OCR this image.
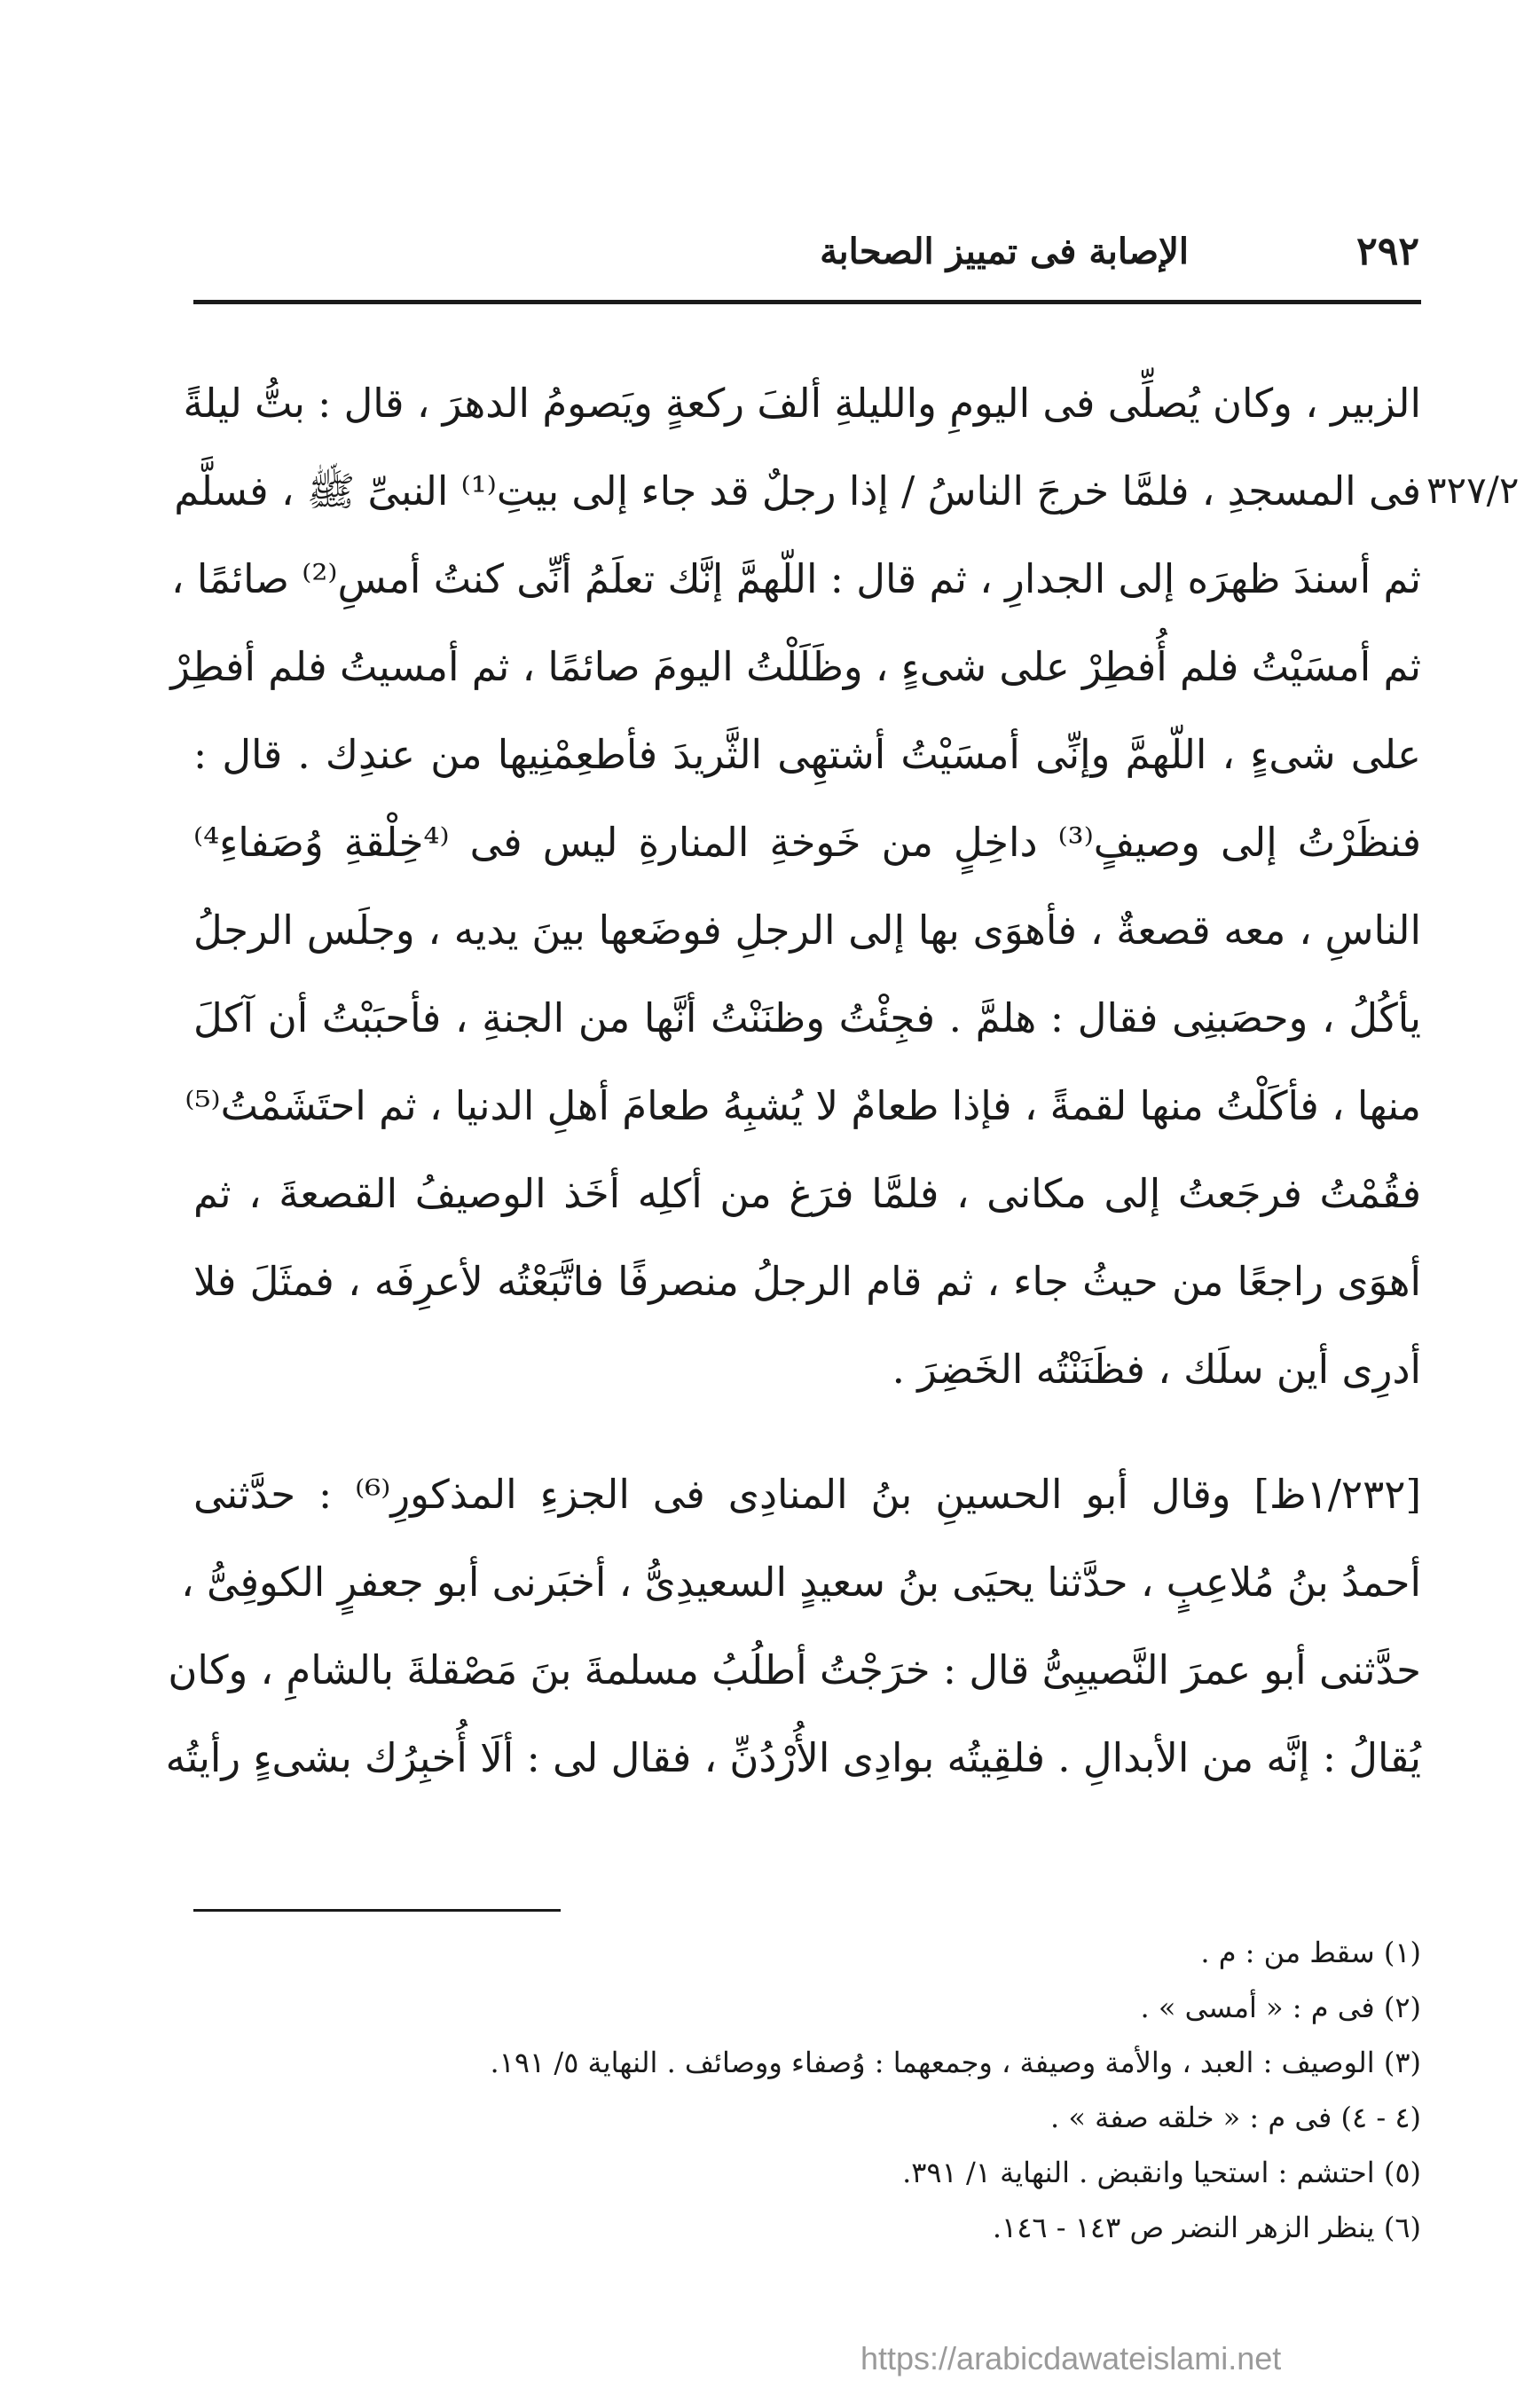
٢٩٢
الإصابة فى تمييز الصحابة
٣٢٧/٢
الزبير ، وكان يُصلِّى فى اليومِ والليلةِ ألفَ ركعةٍ ويَصومُ الدهرَ ، قال : بتُّ ليلةً
فى المسجدِ ، فلمَّا خرجَ الناسُ / إذا رجلٌ قد جاء إلى بيتِ⁽¹⁾ النبىِّ ﷺ ، فسلَّم
ثم أسندَ ظهرَه إلى الجدارِ ، ثم قال : اللّهمَّ إنَّك تعلَمُ أنِّى كنتُ أمسِ⁽²⁾ صائمًا ،
ثم أمسَيْتُ فلم أُفطِرْ على شىءٍ ، وظَلَلْتُ اليومَ صائمًا ، ثم أمسيتُ فلم أفطِرْ
على شىءٍ ، اللّهمَّ وإنِّى أمسَيْتُ أشتهِى الثَّريدَ فأطعِمْنِيها من عندِك . قال :
فنظَرْتُ إلى وصيفٍ⁽³⁾ داخِلٍ من خَوخةِ المنارةِ ليس فى ⁽⁴خِلْقةِ وُصَفاءِ⁴⁾
الناسِ ، معه قصعةٌ ، فأهوَى بها إلى الرجلِ فوضَعها بينَ يديه ، وجلَس الرجلُ
يأكُلُ ، وحصَبنِى فقال : هلمَّ . فجِئْتُ وظنَنْتُ أنَّها من الجنةِ ، فأحبَبْتُ أن آكلَ
منها ، فأكَلْتُ منها لقمةً ، فإذا طعامٌ لا يُشبِهُ طعامَ أهلِ الدنيا ، ثم احتَشَمْتُ⁽⁵⁾
فقُمْتُ فرجَعتُ إلى مكانى ، فلمَّا فرَغ من أكلِه أخَذ الوصيفُ القصعةَ ، ثم
أهوَى راجعًا من حيثُ جاء ، ثم قام الرجلُ منصرفًا فاتَّبَعْتُه لأعرِفَه ، فمثَلَ فلا
أدرِى أين سلَك ، فظَنَنْتُه الخَضِرَ .
[١/٢٣٢ظ] وقال أبو الحسينِ بنُ المنادِى فى الجزءِ المذكورِ⁽⁶⁾ : حدَّثنى
أحمدُ بنُ مُلاعِبٍ ، حدَّثنا يحيَى بنُ سعيدٍ السعيدِىُّ ، أخبَرنى أبو جعفرٍ الكوفِىُّ ،
حدَّثنى أبو عمرَ النَّصيبِىُّ قال : خرَجْتُ أطلُبُ مسلمةَ بنَ مَصْقلةَ بالشامِ ، وكان
يُقالُ : إنَّه من الأبدالِ . فلقِيتُه بوادِى الأُرْدُنِّ ، فقال لى : ألَا أُخبِرُك بشىءٍ رأيتُه
(١) سقط من : م .
(٢) فى م : « أمسى » .
(٣) الوصيف : العبد ، والأمة وصيفة ، وجمعهما : وُصفاء ووصائف . النهاية ٥/ ١٩١.
(٤ - ٤) فى م : « خلقه صفة » .
(٥) احتشم : استحيا وانقبض . النهاية ١/ ٣٩١.
(٦) ينظر الزهر النضر ص ١٤٣ - ١٤٦.
https://arabicdawateislami.net
